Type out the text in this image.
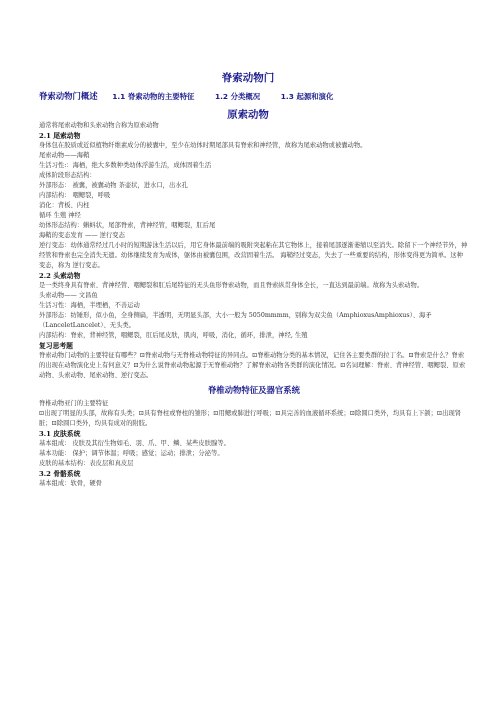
脊索动物门
脊索动物门概述 1.1 脊索动物的主要特征	1.2 分类概况	1.3 起源和演化
原索动物

通常将尾索动物和头索动物合称为原索动物

2.1 尾索动物

身体包在胶质或近似植物纤维素成分的被囊中，至少在幼体时期尾部具有脊索和神经管，故称为尾索动物或被囊动物。

尾索动物——海鞘

生活习性:：海栖，绝大多数种类幼体浮游生活，成体固着生活

成体阶段形态结构：

外部形态： 被囊，被囊动物 茶壶状，进水口，出水孔

内部结构： 咽鳃裂，呼吸

消化：背板、内柱

循环 生殖 神经

幼体形态结构：蝌蚪状，尾部脊索，背神经管，咽鳃裂，肛后尾

海鞘的变态发育 —— 逆行变态

逆行变态：幼体通常经过几小时的短期游泳生活以后，用它身体最前端的吸附突起粘在其它物体上，接着尾部逐渐萎缩以至消失。除留下一个神经节外，神经管和脊索也完全消失无遗。幼体继续发育为成体，躯体由被囊包围，改营固着生活。 海鞘经过变态，失去了一些重要的结构，形体变得更为简单。这种变态，称为 逆行变态。

2.2 头索动物

是一类终身具有脊索、背神经管、咽鳃裂和肛后尾特征的无头鱼形脊索动物，而且脊索纵贯身体全长，一直达到最前端。故称为头索动物。

头索动物—— 文昌鱼

生活习性：海栖，半埋栖，不善运动

外部形态：纺锤形，似小鱼，全身侧扁，半透明，无明显头部，大小一般为 5050mmmm，别称为双尖鱼（AmphioxusAmphioxus）、海矛（LanceletLancelet）、无头类。

内部结构：脊索，背神经管，咽鳃裂，肛后尾皮肤，肌肉，呼吸，消化，循环，排泄，神经, 生殖

复习思考题

脊索动物门动物的主要特征有哪些？⊡脊索动物与无脊椎动物特征的异同点。⊡脊椎动物分类的基本情况，记住各主要类群的拉丁名。⊡脊索是什么？脊索的出现在动物演化史上有何意义？⊡为什么说脊索动物起源于无脊椎动物？了解脊索动物各类群的演化情况。⊡名词理解：脊索、背神经管、咽鳃裂、原索动物、头索动物、尾索动物、逆行变态。

脊椎动物特征及器官系统

脊椎动物亚门的主要特征

⊡出现了明显的头部，故称有头类；⊡具有脊柱或脊柱的雏形；⊡用鳃或肺进行呼吸；⊡具完善的血液循环系统；⊡除圆口类外，均具有上下颌；⊡出现肾脏；⊡除圆口类外，均具有成对的附肢。

3.1 皮肤系统

基本组成： 皮肤及其衍生物如毛、羽、爪、甲、鳞、某些皮肤腺等。

基本功能： 保护；调节体温；呼吸；感觉；运动；排泄；分泌等。

皮肤的基本结构：表皮层和真皮层

3.2 骨骼系统

基本组成：软骨，硬骨
